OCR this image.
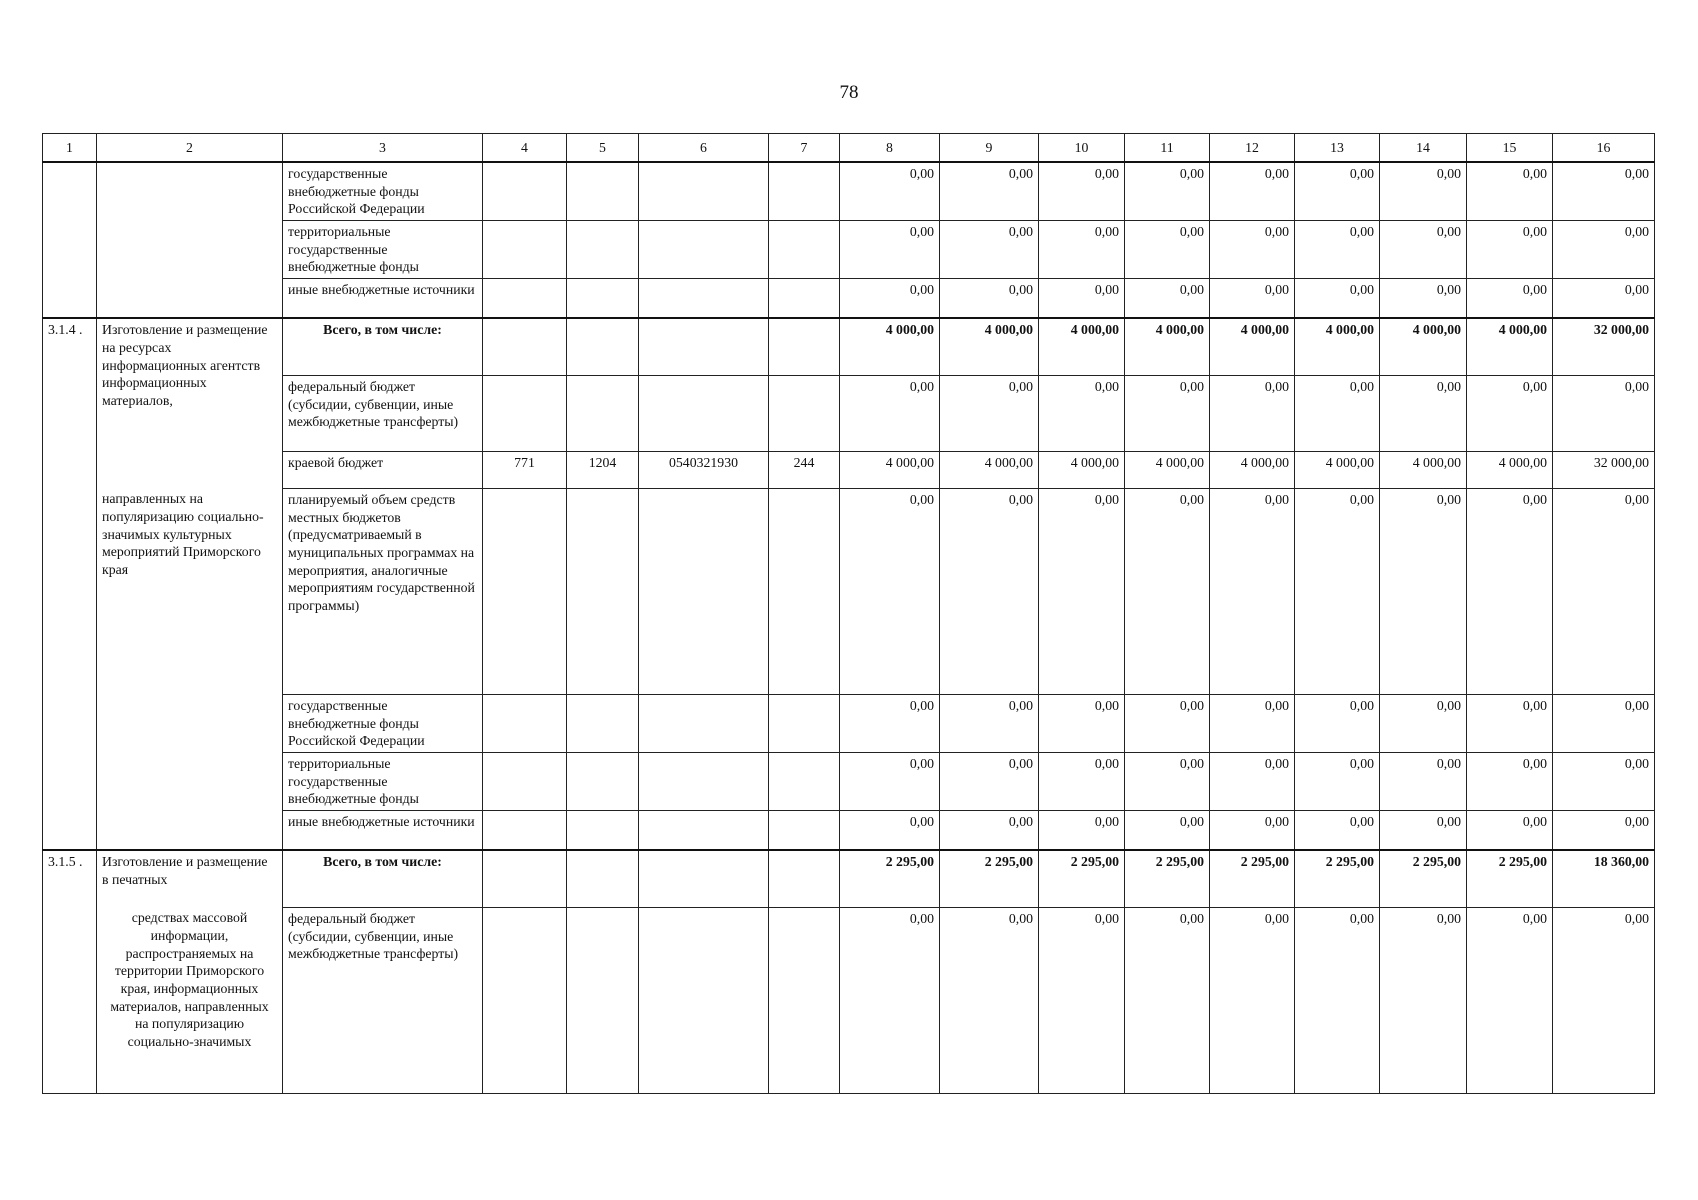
78
1	2	3	4	5	6	7	8	9	10	11	12	13	14	15	16
		государственные внебюджетные фонды Российской Федерации					0,00	0,00	0,00	0,00	0,00	0,00	0,00	0,00	0,00
		территориальные государственные внебюджетные фонды					0,00	0,00	0,00	0,00	0,00	0,00	0,00	0,00	0,00
		иные внебюджетные источники					0,00	0,00	0,00	0,00	0,00	0,00	0,00	0,00	0,00
3.1.4 .	Изготовление и размещение на ресурсах информационных агентств информационных материалов,	Всего, в том числе:					4 000,00	4 000,00	4 000,00	4 000,00	4 000,00	4 000,00	4 000,00	4 000,00	32 000,00
		федеральный бюджет (субсидии, субвенции, иные межбюджетные трансферты)					0,00	0,00	0,00	0,00	0,00	0,00	0,00	0,00	0,00
		краевой бюджет	771	1204	0540321930	244	4 000,00	4 000,00	4 000,00	4 000,00	4 000,00	4 000,00	4 000,00	4 000,00	32 000,00
	направленных на популяризацию социально-значимых культурных мероприятий Приморского края	планируемый объем средств местных бюджетов (предусматриваемый в муниципальных программах на мероприятия, аналогичные мероприятиям государственной программы)					0,00	0,00	0,00	0,00	0,00	0,00	0,00	0,00	0,00
		государственные внебюджетные фонды Российской Федерации					0,00	0,00	0,00	0,00	0,00	0,00	0,00	0,00	0,00
		территориальные государственные внебюджетные фонды					0,00	0,00	0,00	0,00	0,00	0,00	0,00	0,00	0,00
		иные внебюджетные источники					0,00	0,00	0,00	0,00	0,00	0,00	0,00	0,00	0,00
3.1.5 .	Изготовление и размещение в печатных	Всего, в том числе:					2 295,00	2 295,00	2 295,00	2 295,00	2 295,00	2 295,00	2 295,00	2 295,00	18 360,00
	средствах массовой информации, распространяемых на территории Приморского края, информационных материалов, направленных на популяризацию социально-значимых	федеральный бюджет (субсидии, субвенции, иные межбюджетные трансферты)					0,00	0,00	0,00	0,00	0,00	0,00	0,00	0,00	0,00
